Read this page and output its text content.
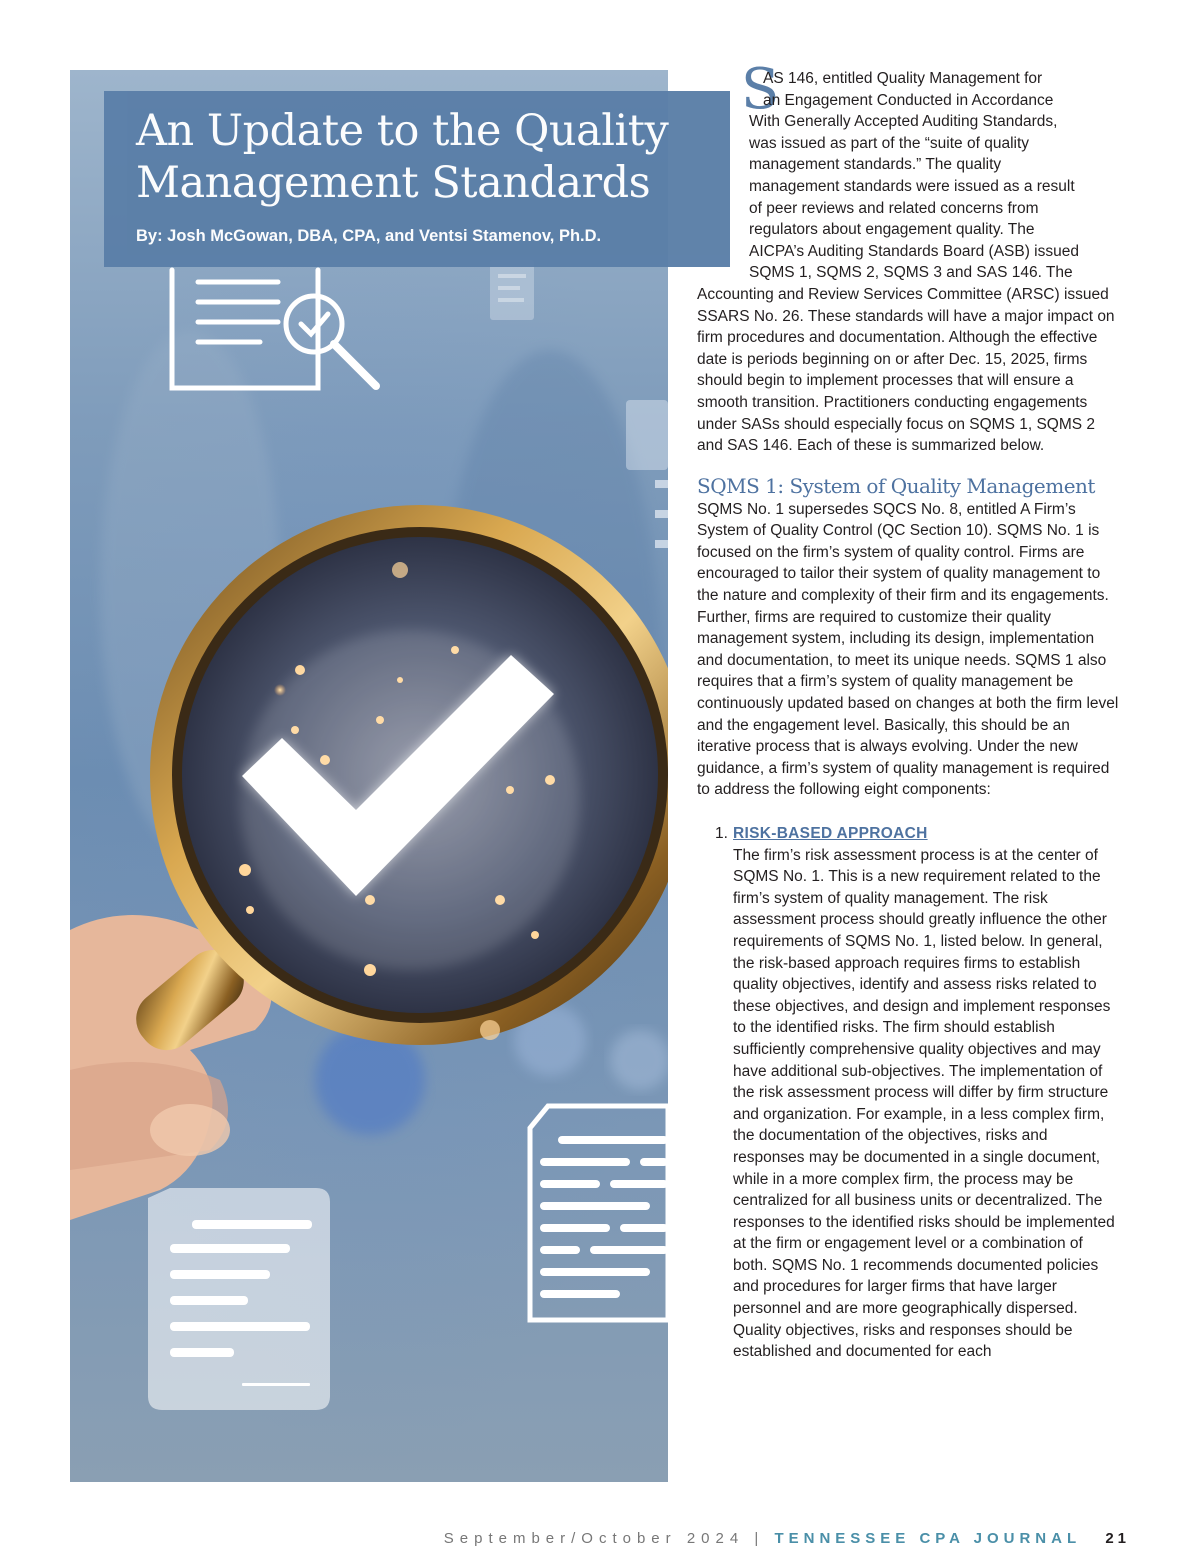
An Update to the Quality Management Standards
By: Josh McGowan, DBA, CPA, and Ventsi Stamenov, Ph.D.

S
AS 146, entitled Quality Management for
an Engagement Conducted in Accordance
With Generally Accepted Auditing Standards,
was issued as part of the “suite of quality
management standards.” The quality
management standards were issued as a result
of peer reviews and related concerns from
regulators about engagement quality. The
AICPA’s Auditing Standards Board (ASB) issued
SQMS 1, SQMS 2, SQMS 3 and SAS 146. The
Accounting and Review Services Committee (ARSC) issued SSARS No. 26. These standards will have a major impact on firm procedures and documentation. Although the effective date is periods beginning on or after Dec. 15, 2025, firms should begin to implement processes that will ensure a smooth transition. Practitioners conducting engagements under SASs should especially focus on SQMS 1, SQMS 2 and SAS 146. Each of these is summarized below.

SQMS 1: System of Quality Management

SQMS No. 1 supersedes SQCS No. 8, entitled A Firm’s System of Quality Control (QC Section 10). SQMS No. 1 is focused on the firm’s system of quality control. Firms are encouraged to tailor their system of quality management to the nature and complexity of their firm and its engagements. Further, firms are required to customize their quality management system, including its design, implementation and documentation, to meet its unique needs. SQMS 1 also requires that a firm’s system of quality management be continuously updated based on changes at both the firm level and the engagement level. Basically, this should be an iterative process that is always evolving. Under the new guidance, a firm’s system of quality management is required to address the following eight components:

1. RISK-BASED APPROACH

The firm’s risk assessment process is at the center of SQMS No. 1. This is a new requirement related to the firm’s system of quality management. The risk assessment process should greatly influence the other requirements of SQMS No. 1, listed below. In general, the risk-based approach requires firms to establish quality objectives, identify and assess risks related to these objectives, and design and implement responses to the identified risks. The firm should establish sufficiently comprehensive quality objectives and may have additional sub-objectives. The implementation of the risk assessment process will differ by firm structure and organization. For example, in a less complex firm, the documentation of the objectives, risks and responses may be documented in a single document, while in a more complex firm, the process may be centralized for all business units or decentralized. The responses to the identified risks should be implemented at the firm or engagement level or a combination of both. SQMS No. 1 recommends documented policies and procedures for larger firms that have larger personnel and are more geographically dispersed. Quality objectives, risks and responses should be established and documented for each

September/October 2024 | TENNESSEE CPA JOURNAL 21
